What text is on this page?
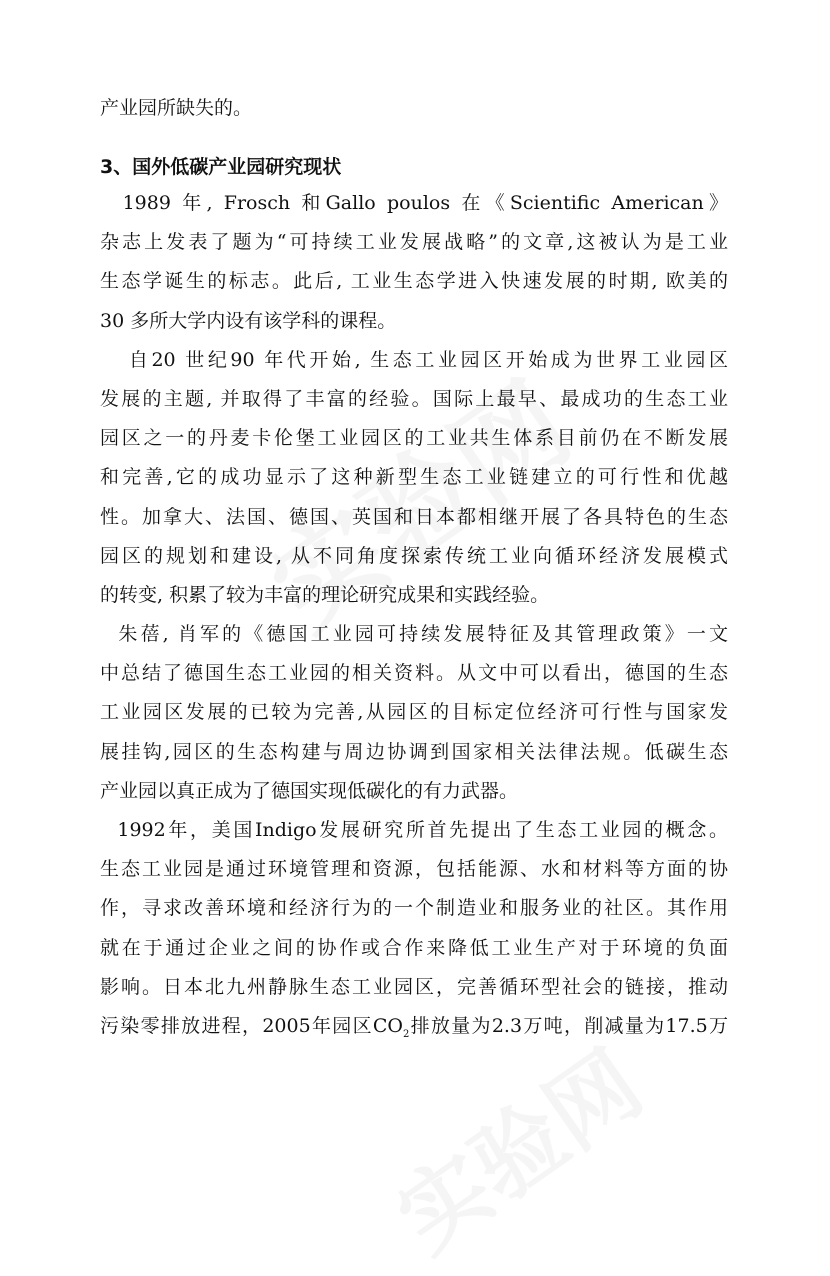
产业园所缺失的。
3、国外低碳产业园研究现状
1989 年, Frosch 和Gallo poulos 在《Scientific American》
杂志上发表了题为“可持续工业发展战略”的文章,这被认为是工业
生态学诞生的标志。此后, 工业生态学进入快速发展的时期, 欧美的
30 多所大学内设有该学科的课程。
自20 世纪90 年代开始, 生态工业园区开始成为世界工业园区
发展的主题, 并取得了丰富的经验。国际上最早、最成功的生态工业
园区之一的丹麦卡伦堡工业园区的工业共生体系目前仍在不断发展
和完善,它的成功显示了这种新型生态工业链建立的可行性和优越
性。加拿大、法国、德国、英国和日本都相继开展了各具特色的生态
园区的规划和建设, 从不同角度探索传统工业向循环经济发展模式
的转变, 积累了较为丰富的理论研究成果和实践经验。
朱蓓, 肖军的《德国工业园可持续发展特征及其管理政策》一文
中总结了德国生态工业园的相关资料。从文中可以看出，德国的生态
工业园区发展的已较为完善,从园区的目标定位经济可行性与国家发
展挂钩,园区的生态构建与周边协调到国家相关法律法规。低碳生态
产业园以真正成为了德国实现低碳化的有力武器。
1992年，美国Indigo发展研究所首先提出了生态工业园的概念。
生态工业园是通过环境管理和资源，包括能源、水和材料等方面的协
作，寻求改善环境和经济行为的一个制造业和服务业的社区。其作用
就在于通过企业之间的协作或合作来降低工业生产对于环境的负面
影响。日本北九州静脉生态工业园区，完善循环型社会的链接，推动
污染零排放进程，2005年园区$CO_2$排放量为2.3万吨，削减量为17.5万
